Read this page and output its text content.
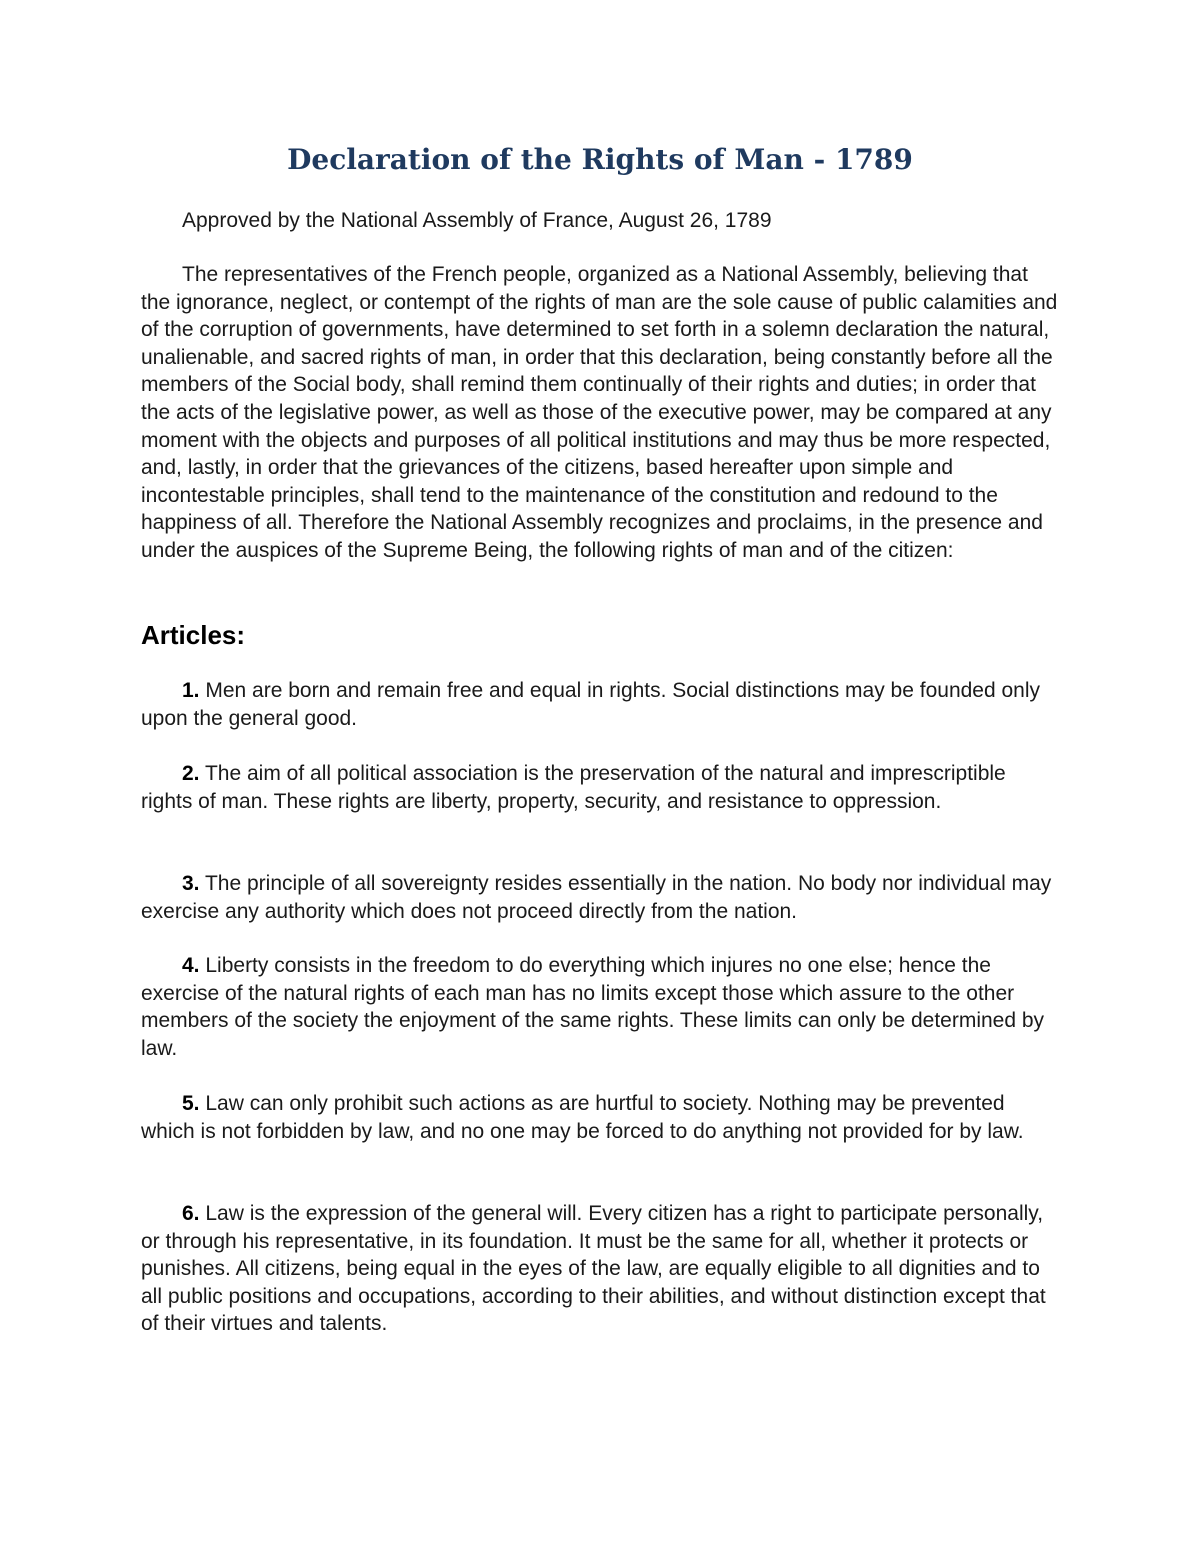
Declaration of the Rights of Man - 1789

Approved by the National Assembly of France, August 26, 1789

The representatives of the French people, organized as a National Assembly, believing that the ignorance, neglect, or contempt of the rights of man are the sole cause of public calamities and of the corruption of governments, have determined to set forth in a solemn declaration the natural, unalienable, and sacred rights of man, in order that this declaration, being constantly before all the members of the Social body, shall remind them continually of their rights and duties; in order that the acts of the legislative power, as well as those of the executive power, may be compared at any moment with the objects and purposes of all political institutions and may thus be more respected, and, lastly, in order that the grievances of the citizens, based hereafter upon simple and incontestable principles, shall tend to the maintenance of the constitution and redound to the happiness of all. Therefore the National Assembly recognizes and proclaims, in the presence and under the auspices of the Supreme Being, the following rights of man and of the citizen:

Articles:

1. Men are born and remain free and equal in rights. Social distinctions may be founded only upon the general good.

2. The aim of all political association is the preservation of the natural and imprescriptible rights of man. These rights are liberty, property, security, and resistance to oppression.

3. The principle of all sovereignty resides essentially in the nation. No body nor individual may exercise any authority which does not proceed directly from the nation.

4. Liberty consists in the freedom to do everything which injures no one else; hence the exercise of the natural rights of each man has no limits except those which assure to the other members of the society the enjoyment of the same rights. These limits can only be determined by law.

5. Law can only prohibit such actions as are hurtful to society. Nothing may be prevented which is not forbidden by law, and no one may be forced to do anything not provided for by law.

6. Law is the expression of the general will. Every citizen has a right to participate personally, or through his representative, in its foundation. It must be the same for all, whether it protects or punishes. All citizens, being equal in the eyes of the law, are equally eligible to all dignities and to all public positions and occupations, according to their abilities, and without distinction except that of their virtues and talents.
